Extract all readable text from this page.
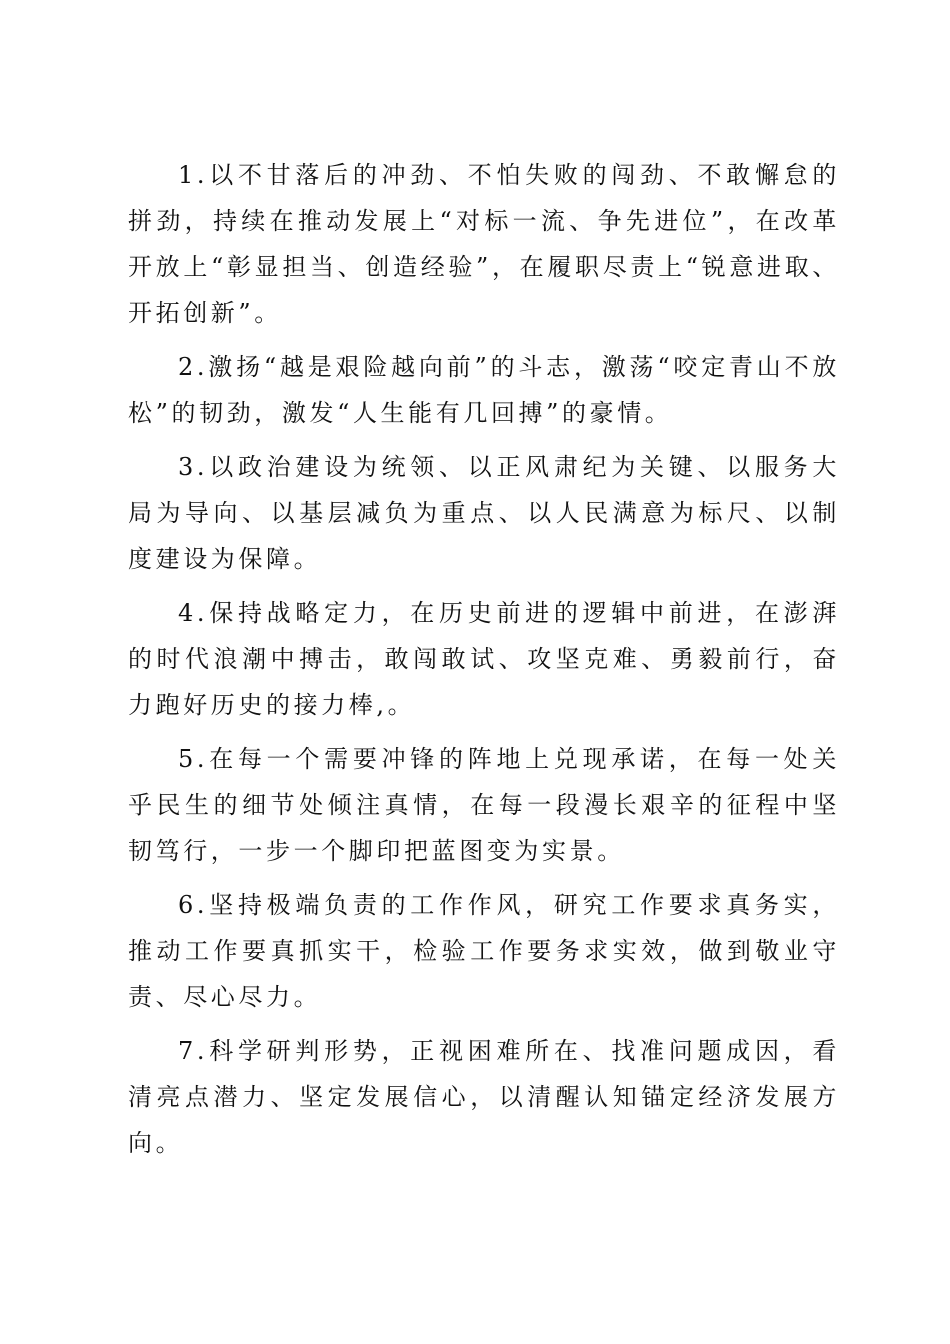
1.以不甘落后的冲劲、不怕失败的闯劲、不敢懈怠的拼劲，持续在推动发展上“对标一流、争先进位”，在改革开放上“彰显担当、创造经验”，在履职尽责上“锐意进取、开拓创新”。

2.激扬“越是艰险越向前”的斗志，激荡“咬定青山不放松”的韧劲，激发“人生能有几回搏”的豪情。

3.以政治建设为统领、以正风肃纪为关键、以服务大局为导向、以基层减负为重点、以人民满意为标尺、以制度建设为保障。

4.保持战略定力，在历史前进的逻辑中前进，在澎湃的时代浪潮中搏击，敢闯敢试、攻坚克难、勇毅前行，奋力跑好历史的接力棒,。

5.在每一个需要冲锋的阵地上兑现承诺，在每一处关乎民生的细节处倾注真情，在每一段漫长艰辛的征程中坚韧笃行，一步一个脚印把蓝图变为实景。

6.坚持极端负责的工作作风，研究工作要求真务实，推动工作要真抓实干，检验工作要务求实效，做到敬业守责、尽心尽力。

7.科学研判形势，正视困难所在、找准问题成因，看清亮点潜力、坚定发展信心，以清醒认知锚定经济发展方向。
